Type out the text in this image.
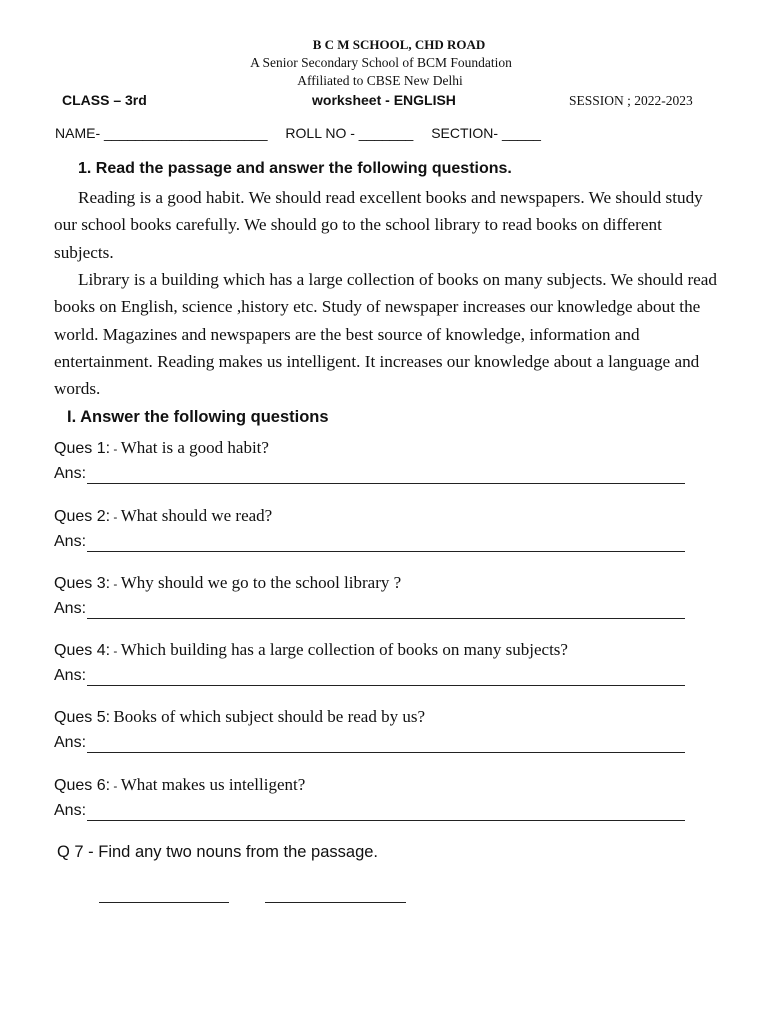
B C M SCHOOL, CHD ROAD
A Senior Secondary School of BCM Foundation
Affiliated to CBSE New Delhi
CLASS – 3rd	worksheet - ENGLISH	SESSION ; 2022-2023
NAME- _____________________ ROLL NO - _______ SECTION- _____
1. Read the passage and answer the following questions.

Reading is a good habit. We should read excellent books and newspapers. We should study our school books carefully. We should go to the school library to read books on different subjects.

Library is a building which has a large collection of books on many subjects. We should read books on English, science ,history etc. Study of newspaper increases our knowledge about the world. Magazines and newspapers are the best source of knowledge, information and entertainment. Reading makes us intelligent. It increases our knowledge about a language and words.

I. Answer the following questions
Ques 1: - What is a good habit?
Ans:
Ques 2: - What should we read?
Ans:
Ques 3: - Why should we go to the school library ?
Ans:
Ques 4: - Which building has a large collection of books on many subjects?
Ans:
Ques 5: Books of which subject should be read by us?
Ans:
Ques 6: - What makes us intelligent?
Ans:
Q 7 - Find any two nouns from the passage.
